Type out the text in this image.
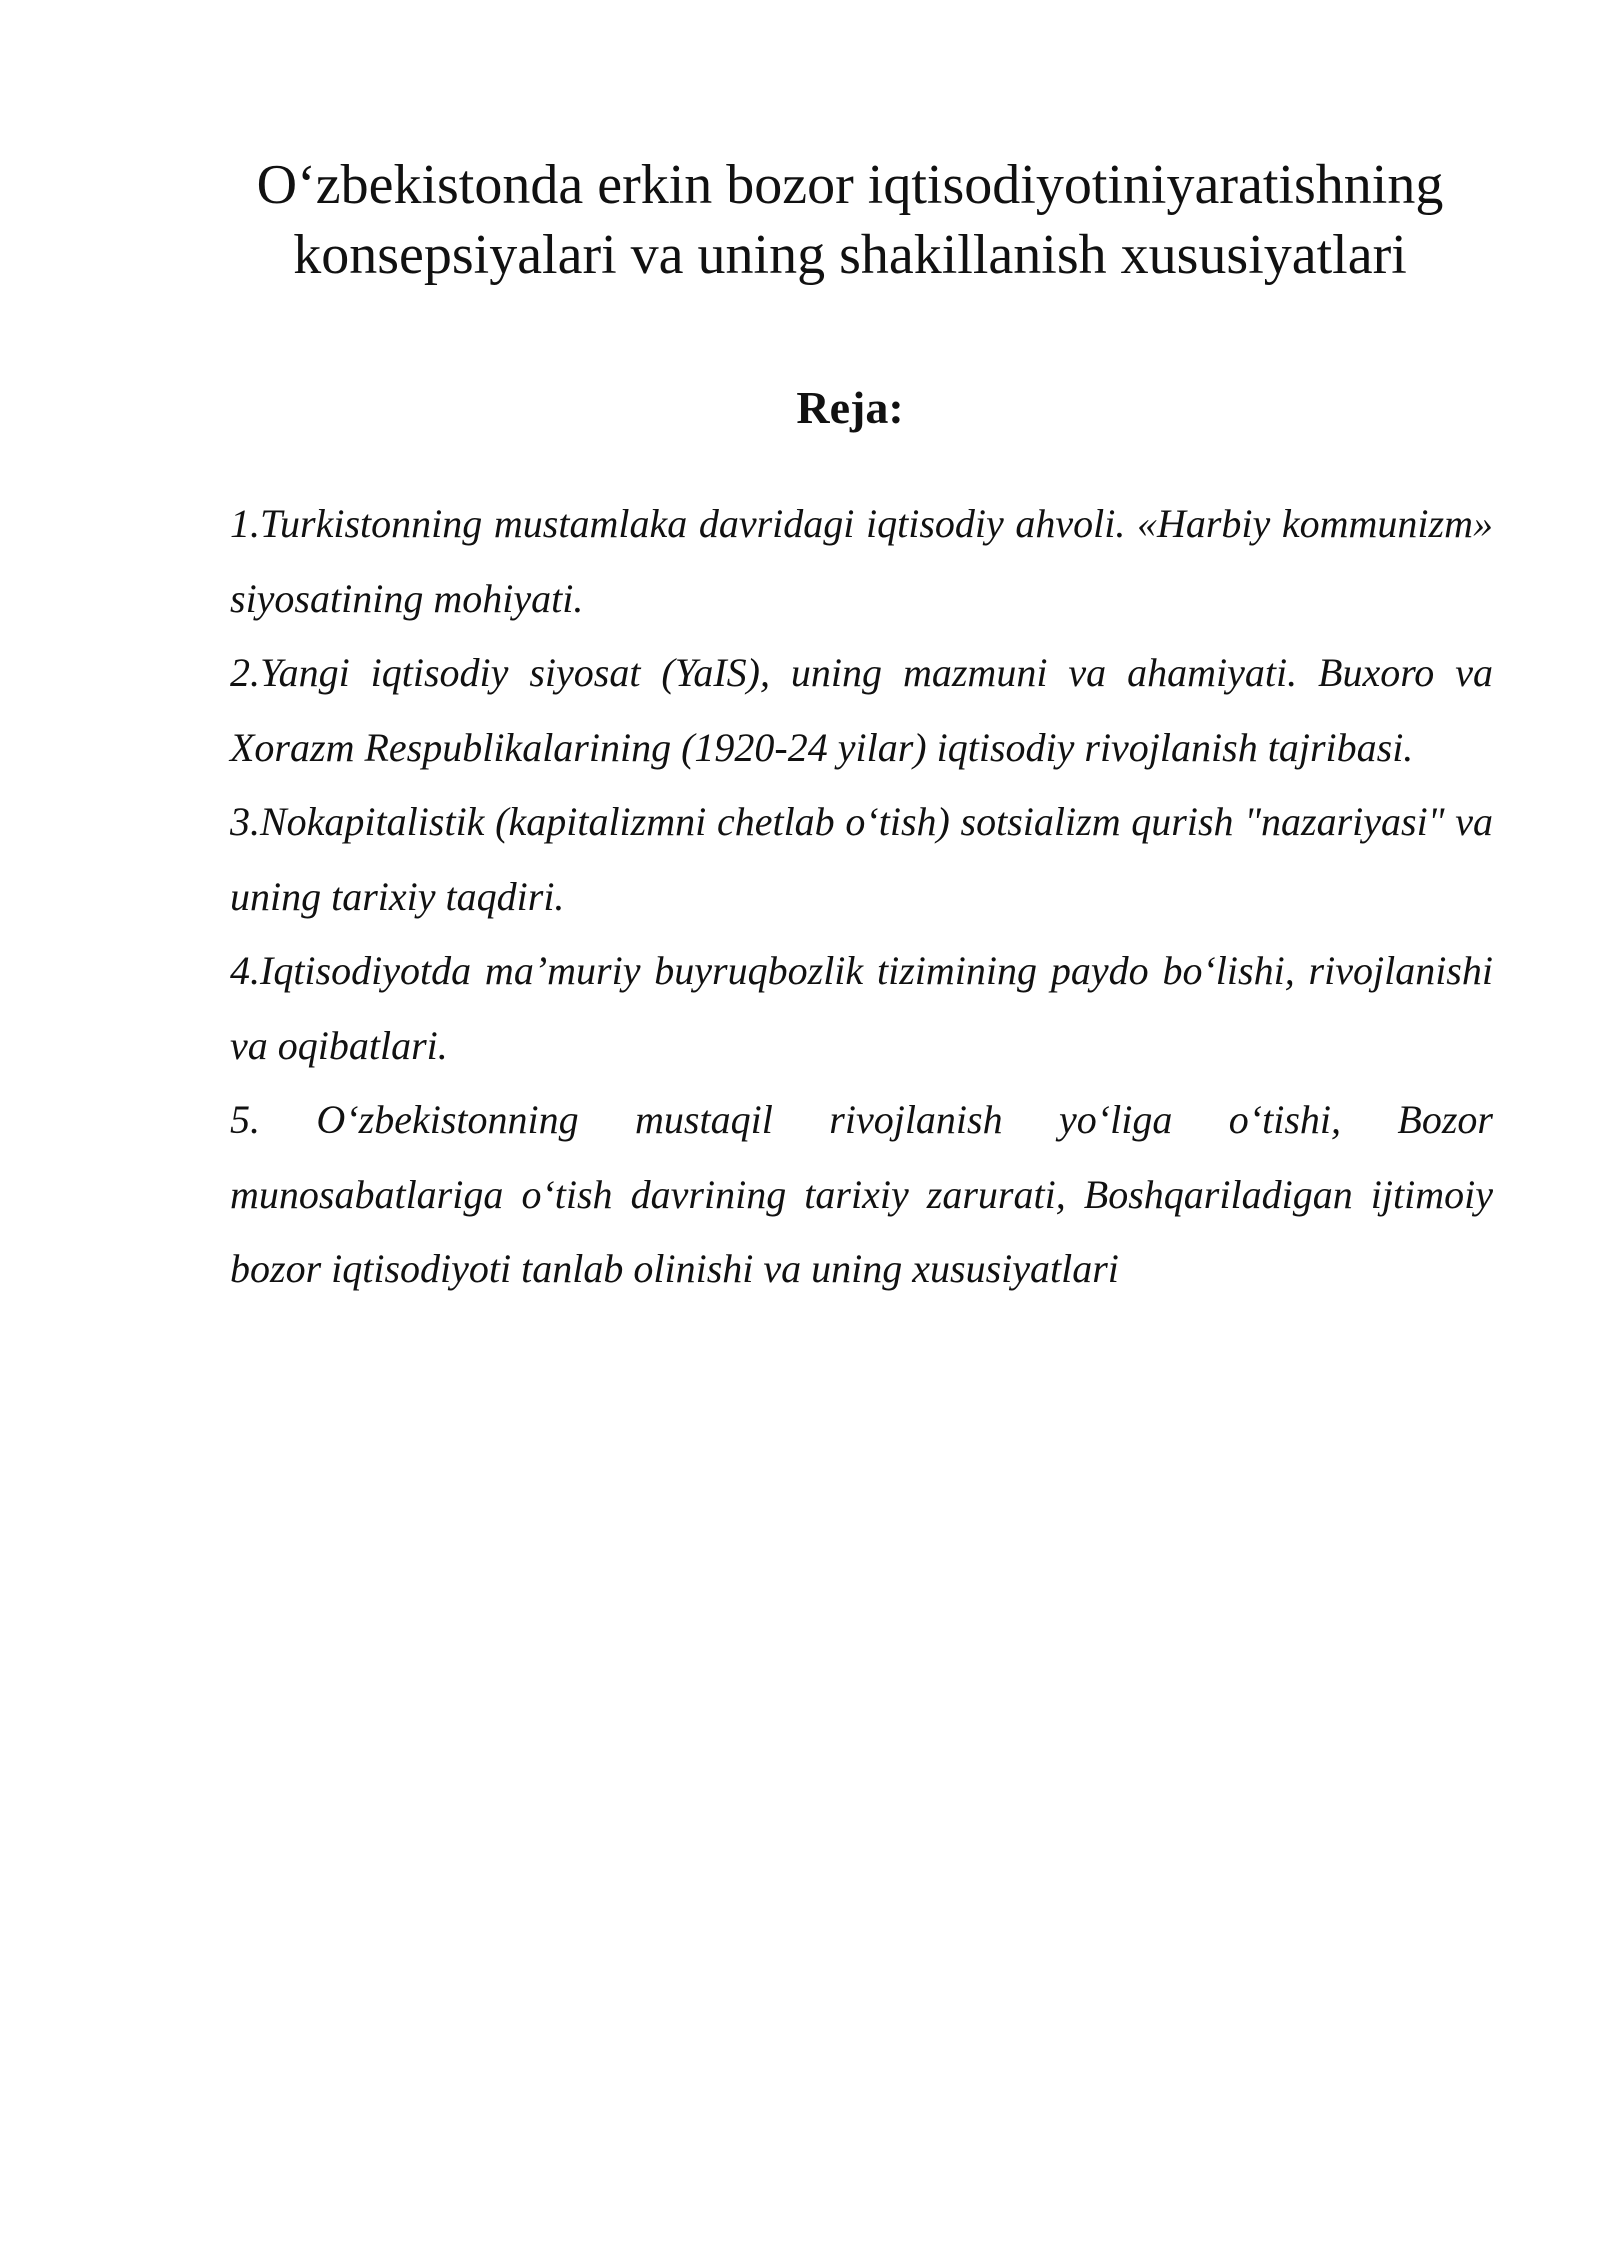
O‘zbekistonda erkin bozor iqtisodiyotiniyaratishning
konsepsiyalari va uning shakillanish xususiyatlari
Reja:
1.Turkistonning mustamlaka davridagi iqtisodiy ahvoli. «Harbiy kommunizm» siyosatining mohiyati.
2.Yangi iqtisodiy siyosat (YaIS), uning mazmuni va ahamiyati. Buxoro va Xorazm Respublikalarining (1920-24 yilar) iqtisodiy rivojlanish tajribasi.
3.Nokapitalistik (kapitalizmni chetlab o‘tish) sotsializm qurish "nazariyasi" va uning tarixiy taqdiri.
4.Iqtisodiyotda ma’muriy buyruqbozlik tizimining paydo bo‘lishi, rivojlanishi va oqibatlari.
5. O‘zbekistonning mustaqil rivojlanish yo‘liga o‘tishi, Bozor munosabatlariga o‘tish davrining tarixiy zarurati, Boshqariladigan ijtimoiy bozor iqtisodiyoti tanlab olinishi va uning xususiyatlari
